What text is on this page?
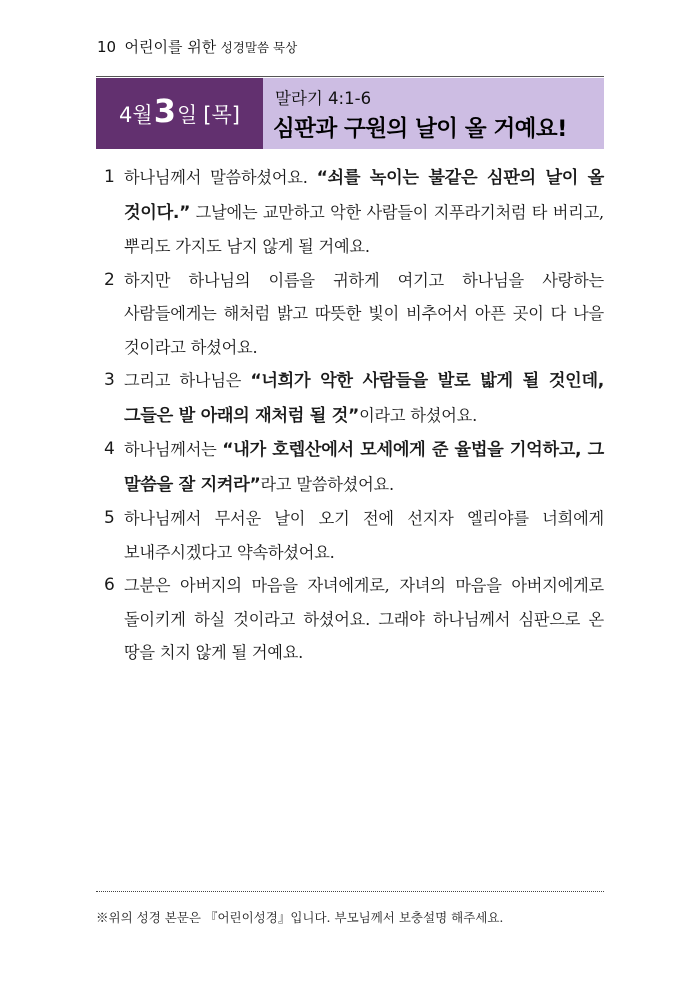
10 어린이를 위한 성경말씀 묵상
4월 3 일 [목]
말라기 4:1-6
심판과 구원의 날이 올 거예요!
1 하나님께서 말씀하셨어요. “쇠를 녹이는 불같은 심판의 날이 올 것이다.” 그날에는 교만하고 악한 사람들이 지푸라기처럼 타 버리고, 뿌리도 가지도 남지 않게 될 거예요.
2 하지만 하나님의 이름을 귀하게 여기고 하나님을 사랑하는 사람들에게는 해처럼 밝고 따뜻한 빛이 비추어서 아픈 곳이 다 나을 것이라고 하셨어요.
3 그리고 하나님은 “너희가 악한 사람들을 발로 밟게 될 것인데, 그들은 발 아래의 재처럼 될 것”이라고 하셨어요.
4 하나님께서는 “내가 호렙산에서 모세에게 준 율법을 기억하고, 그 말씀을 잘 지켜라”라고 말씀하셨어요.
5 하나님께서 무서운 날이 오기 전에 선지자 엘리야를 너희에게 보내주시겠다고 약속하셨어요.
6 그분은 아버지의 마음을 자녀에게로, 자녀의 마음을 아버지에게로 돌이키게 하실 것이라고 하셨어요. 그래야 하나님께서 심판으로 온 땅을 치지 않게 될 거예요.
※위의 성경 본문은 『어린이성경』입니다. 부모님께서 보충설명 해주세요.
